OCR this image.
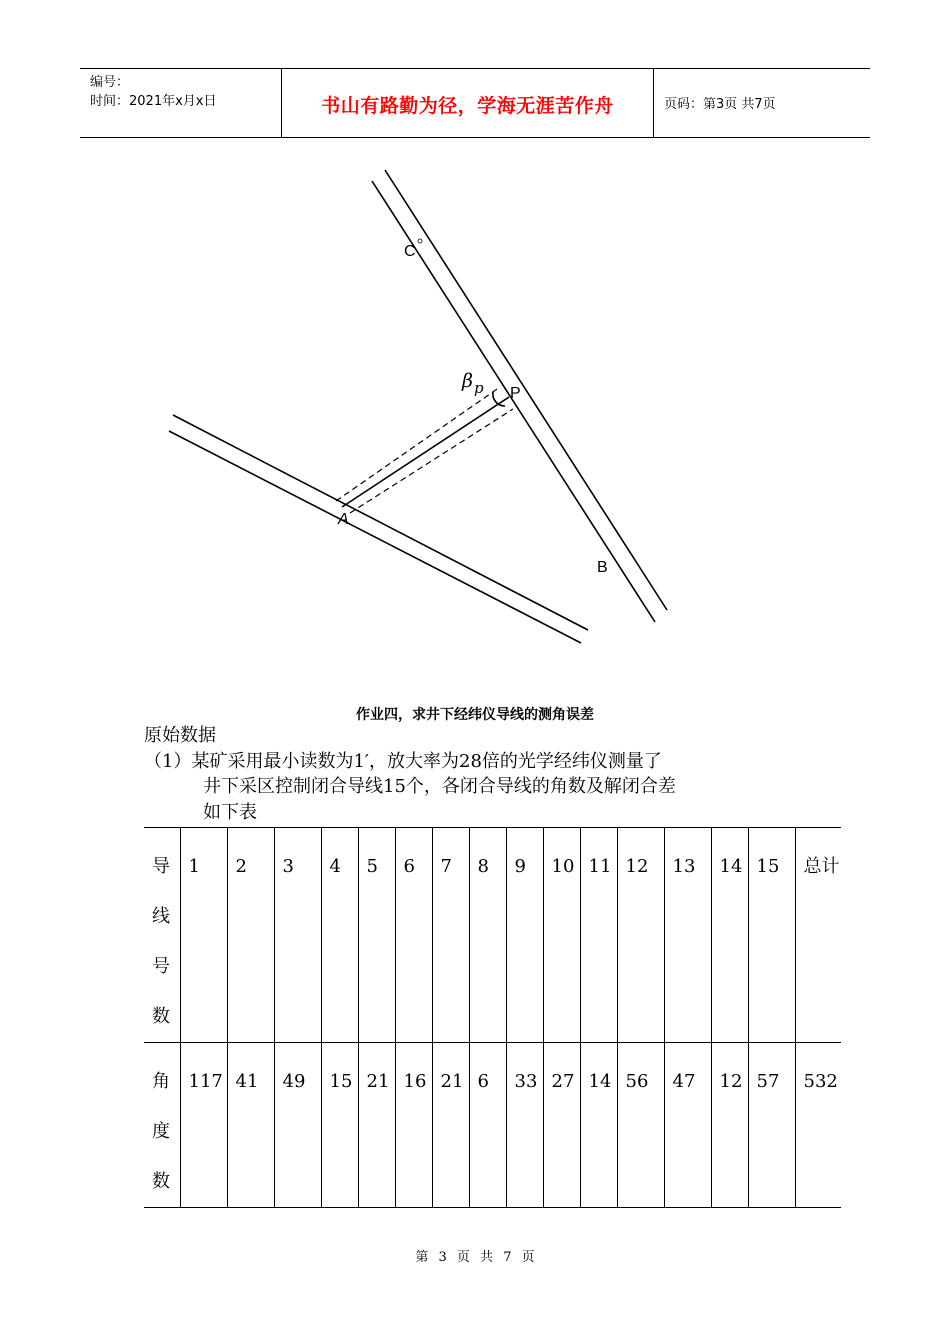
编号：
时间：2021年x月x日	书山有路勤为径，学海无涯苦作舟	页码：第3页 共7页
C
P
A
B
β p
作业四，求井下经纬仪导线的测角误差
原始数据
（1）某矿采用最小读数为1′，放大率为28倍的光学经纬仪测量了
井下采区控制闭合导线15个，各闭合导线的角数及解闭合差
如下表
导线号数	1	2	3	4	5	6	7	8	9	10	11	12	13	14	15	总计

角度数	117	41	49	15	21	16	21	6	33	27	14	56	47	12	57	532
第 3 页 共 7 页
